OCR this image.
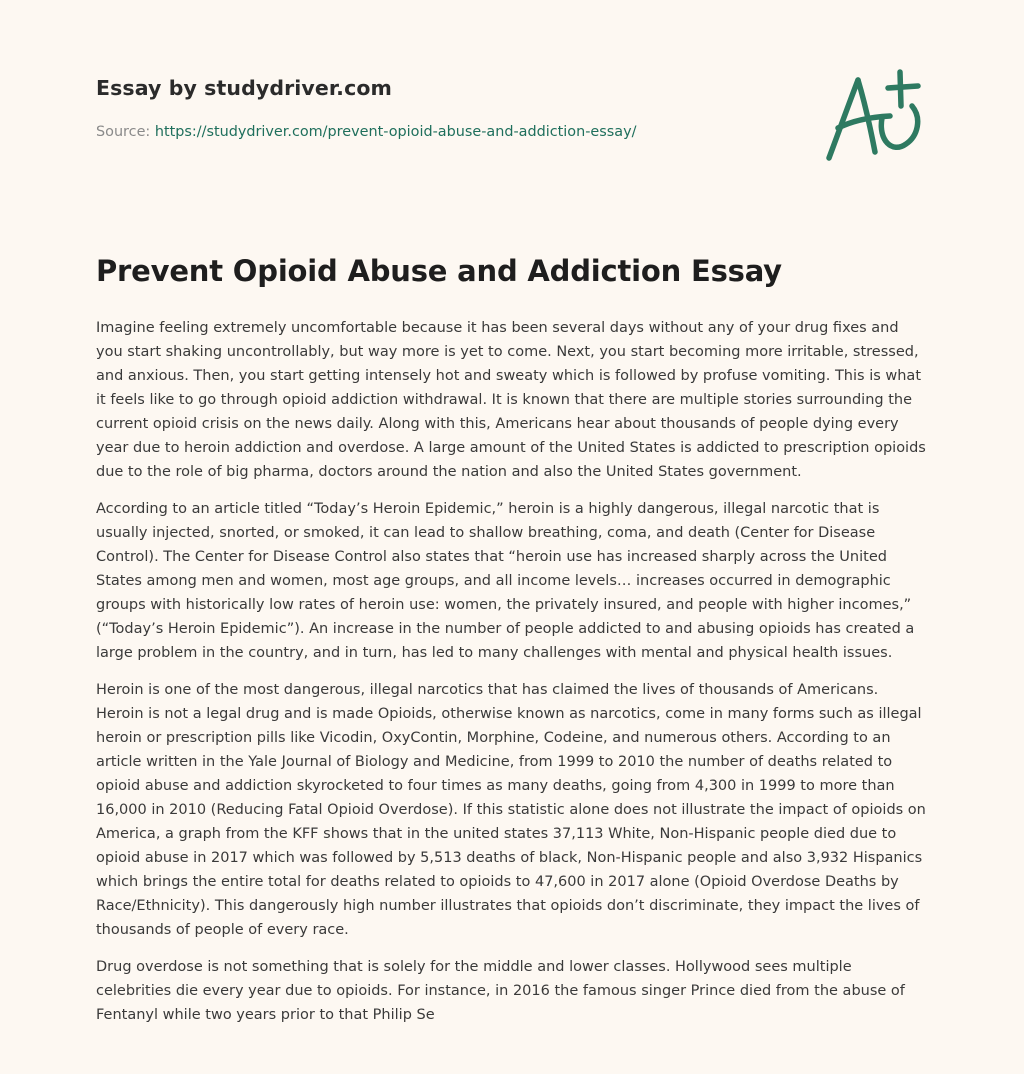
Essay by studydriver.com
Source: https://studydriver.com/prevent-opioid-abuse-and-addiction-essay/
Prevent Opioid Abuse and Addiction Essay

Imagine feeling extremely uncomfortable because it has been several days without any of your drug fixes and you start shaking uncontrollably, but way more is yet to come. Next, you start becoming more irritable, stressed, and anxious. Then, you start getting intensely hot and sweaty which is followed by profuse vomiting. This is what it feels like to go through opioid addiction withdrawal. It is known that there are multiple stories surrounding the current opioid crisis on the news daily. Along with this, Americans hear about thousands of people dying every year due to heroin addiction and overdose. A large amount of the United States is addicted to prescription opioids due to the role of big pharma, doctors around the nation and also the United States government.

According to an article titled “Today’s Heroin Epidemic,” heroin is a highly dangerous, illegal narcotic that is usually injected, snorted, or smoked, it can lead to shallow breathing, coma, and death (Center for Disease Control). The Center for Disease Control also states that “heroin use has increased sharply across the United States among men and women, most age groups, and all income levels… increases occurred in demographic groups with historically low rates of heroin use: women, the privately insured, and people with higher incomes,” (“Today’s Heroin Epidemic”). An increase in the number of people addicted to and abusing opioids has created a large problem in the country, and in turn, has led to many challenges with mental and physical health issues.

Heroin is one of the most dangerous, illegal narcotics that has claimed the lives of thousands of Americans. Heroin is not a legal drug and is made Opioids, otherwise known as narcotics, come in many forms such as illegal heroin or prescription pills like Vicodin, OxyContin, Morphine, Codeine, and numerous others. According to an article written in the Yale Journal of Biology and Medicine, from 1999 to 2010 the number of deaths related to opioid abuse and addiction skyrocketed to four times as many deaths, going from 4,300 in 1999 to more than 16,000 in 2010 (Reducing Fatal Opioid Overdose). If this statistic alone does not illustrate the impact of opioids on America, a graph from the KFF shows that in the united states 37,113 White, Non-Hispanic people died due to opioid abuse in 2017 which was followed by 5,513 deaths of black, Non-Hispanic people and also 3,932 Hispanics which brings the entire total for deaths related to opioids to 47,600 in 2017 alone (Opioid Overdose Deaths by Race/Ethnicity). This dangerously high number illustrates that opioids don’t discriminate, they impact the lives of thousands of people of every race.

Drug overdose is not something that is solely for the middle and lower classes. Hollywood sees multiple celebrities die every year due to opioids. For instance, in 2016 the famous singer Prince died from the abuse of Fentanyl while two years prior to that Philip Se
